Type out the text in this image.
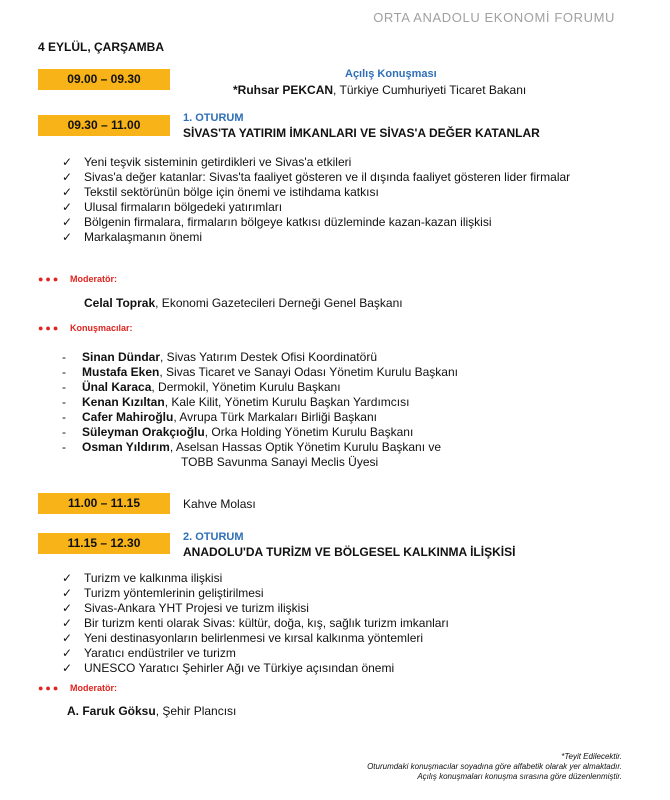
ORTA ANADOLU EKONOMİ FORUMU
4 EYLÜL, ÇARŞAMBA
09.00 – 09.30	Açılış Konuşması
*Ruhsar PEKCAN, Türkiye Cumhuriyeti Ticaret Bakanı
09.30 – 11.00	1. OTURUM
SİVAS'TA YATIRIM İMKANLARI VE SİVAS'A DEĞER KATANLAR
✓ Yeni teşvik sisteminin getirdikleri ve Sivas'a etkileri
✓ Sivas'a değer katanlar: Sivas'ta faaliyet gösteren ve il dışında faaliyet gösteren lider firmalar
✓ Tekstil sektörünün bölge için önemi ve istihdama katkısı
✓ Ulusal firmaların bölgedeki yatırımları
✓ Bölgenin firmalara, firmaların bölgeye katkısı düzleminde kazan-kazan ilişkisi
✓ Markalaşmanın önemi
●●● Moderatör:
Celal Toprak, Ekonomi Gazetecileri Derneği Genel Başkanı
●●● Konuşmacılar:
- Sinan Dündar, Sivas Yatırım Destek Ofisi Koordinatörü
- Mustafa Eken, Sivas Ticaret ve Sanayi Odası Yönetim Kurulu Başkanı
- Ünal Karaca, Dermokil, Yönetim Kurulu Başkanı
- Kenan Kızıltan, Kale Kilit, Yönetim Kurulu Başkan Yardımcısı
- Cafer Mahiroğlu, Avrupa Türk Markaları Birliği Başkanı
- Süleyman Orakçıoğlu, Orka Holding Yönetim Kurulu Başkanı
- Osman Yıldırım, Aselsan Hassas Optik Yönetim Kurulu Başkanı ve
TOBB Savunma Sanayi Meclis Üyesi
11.00 – 11.15	Kahve Molası
11.15 – 12.30	2. OTURUM
ANADOLU'DA TURİZM VE BÖLGESEL KALKINMA İLİŞKİSİ
✓ Turizm ve kalkınma ilişkisi
✓ Turizm yöntemlerinin geliştirilmesi
✓ Sivas-Ankara YHT Projesi ve turizm ilişkisi
✓ Bir turizm kenti olarak Sivas: kültür, doğa, kış, sağlık turizm imkanları
✓ Yeni destinasyonların belirlenmesi ve kırsal kalkınma yöntemleri
✓ Yaratıcı endüstriler ve turizm
✓ UNESCO Yaratıcı Şehirler Ağı ve Türkiye açısından önemi
●●● Moderatör:
A. Faruk Göksu, Şehir Plancısı
*Teyit Edilecektir.
Oturumdaki konuşmacılar soyadına göre alfabetik olarak yer almaktadır.
Açılış konuşmaları konuşma sırasına göre düzenlenmiştir.
